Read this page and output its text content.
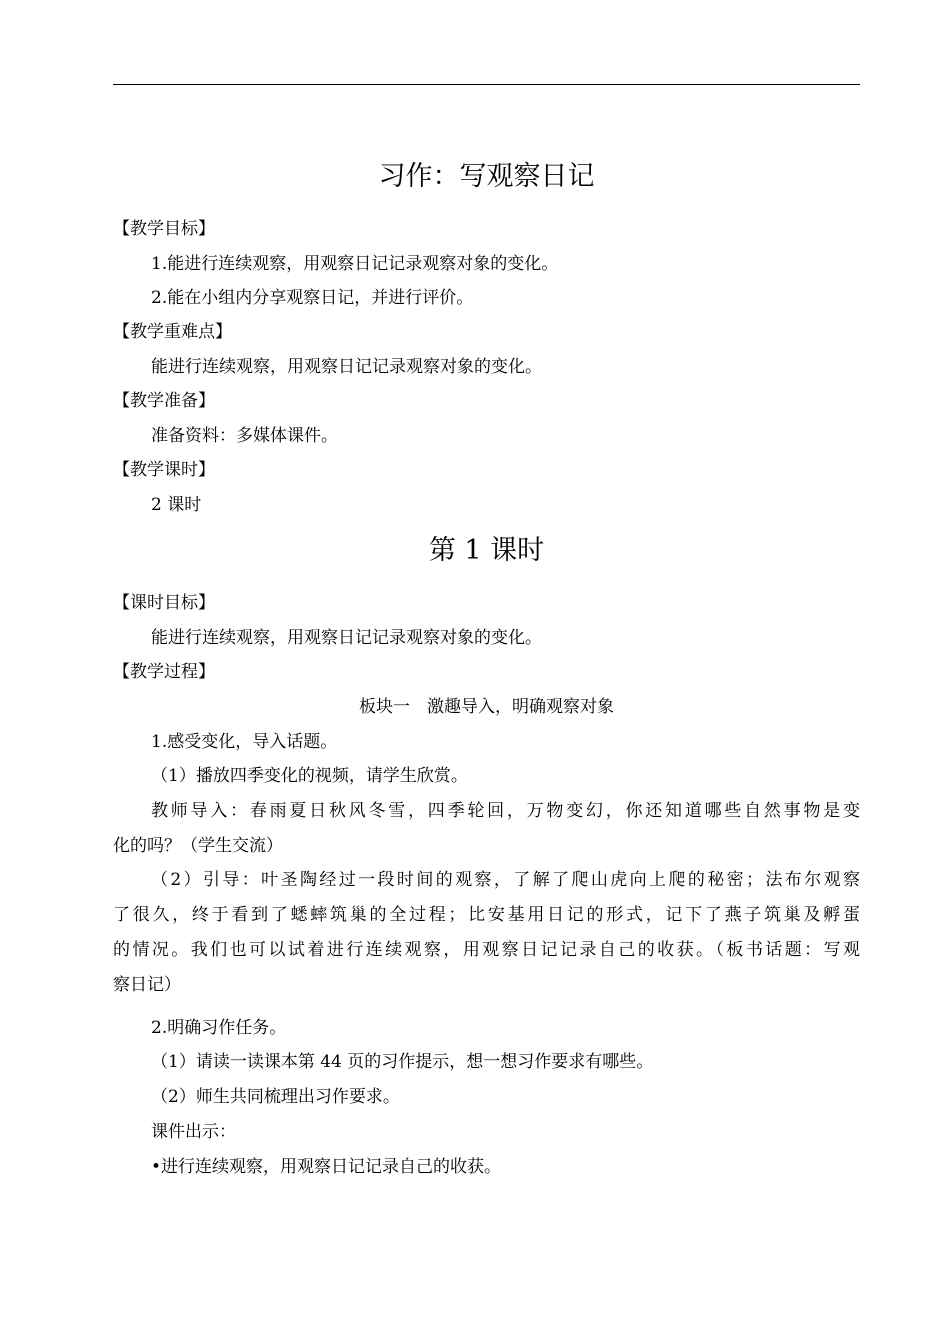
习作：写观察日记
【教学目标】
1.能进行连续观察，用观察日记记录观察对象的变化。
2.能在小组内分享观察日记，并进行评价。
【教学重难点】
能进行连续观察，用观察日记记录观察对象的变化。
【教学准备】
准备资料：多媒体课件。
【教学课时】
2 课时
第 1 课时
【课时目标】
能进行连续观察，用观察日记记录观察对象的变化。
【教学过程】
板块一　激趣导入，明确观察对象
1.感受变化，导入话题。
（1）播放四季变化的视频，请学生欣赏。
教师导入：春雨夏日秋风冬雪，四季轮回，万物变幻，你还知道哪些自然事物是变
化的吗？（学生交流）
（2）引导：叶圣陶经过一段时间的观察，了解了爬山虎向上爬的秘密；法布尔观察
了很久，终于看到了蟋蟀筑巢的全过程；比安基用日记的形式，记下了燕子筑巢及孵蛋
的情况。我们也可以试着进行连续观察，用观察日记记录自己的收获。（板书话题：写观
察日记）
2.明确习作任务。
（1）请读一读课本第 44 页的习作提示，想一想习作要求有哪些。
（2）师生共同梳理出习作要求。
课件出示：
•进行连续观察，用观察日记记录自己的收获。
